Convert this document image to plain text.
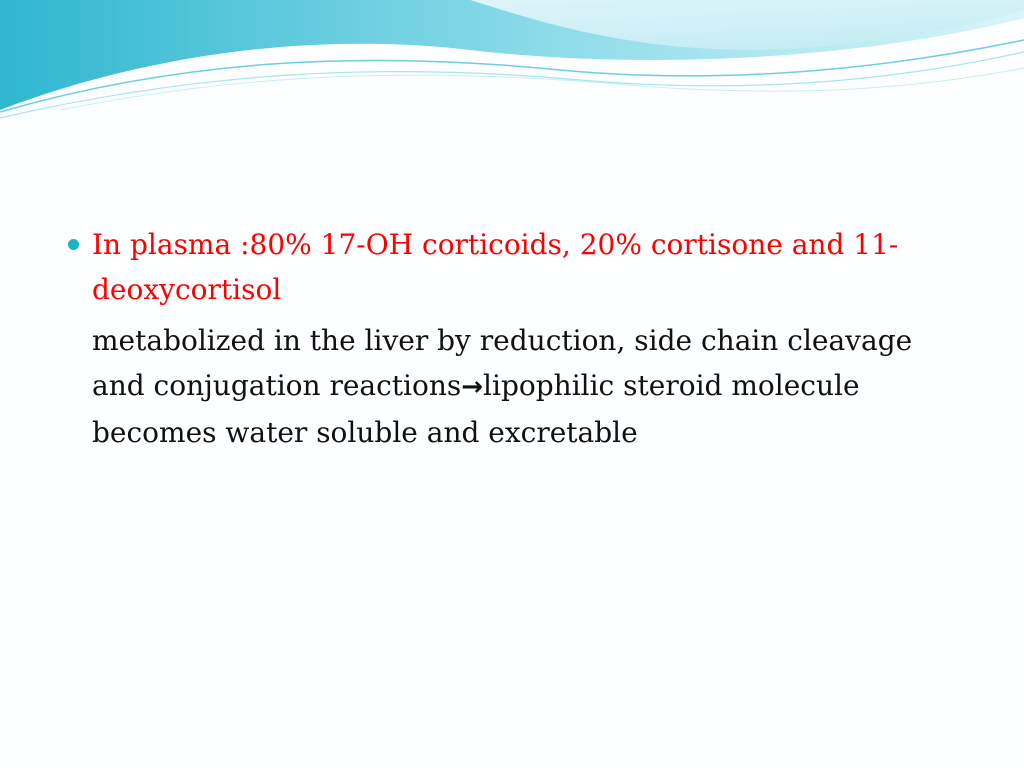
In plasma :80% 17-OH corticoids, 20% cortisone and 11-deoxycortisol

metabolized in the liver by reduction, side chain cleavage and conjugation reactions→lipophilic steroid molecule becomes water soluble and excretable
